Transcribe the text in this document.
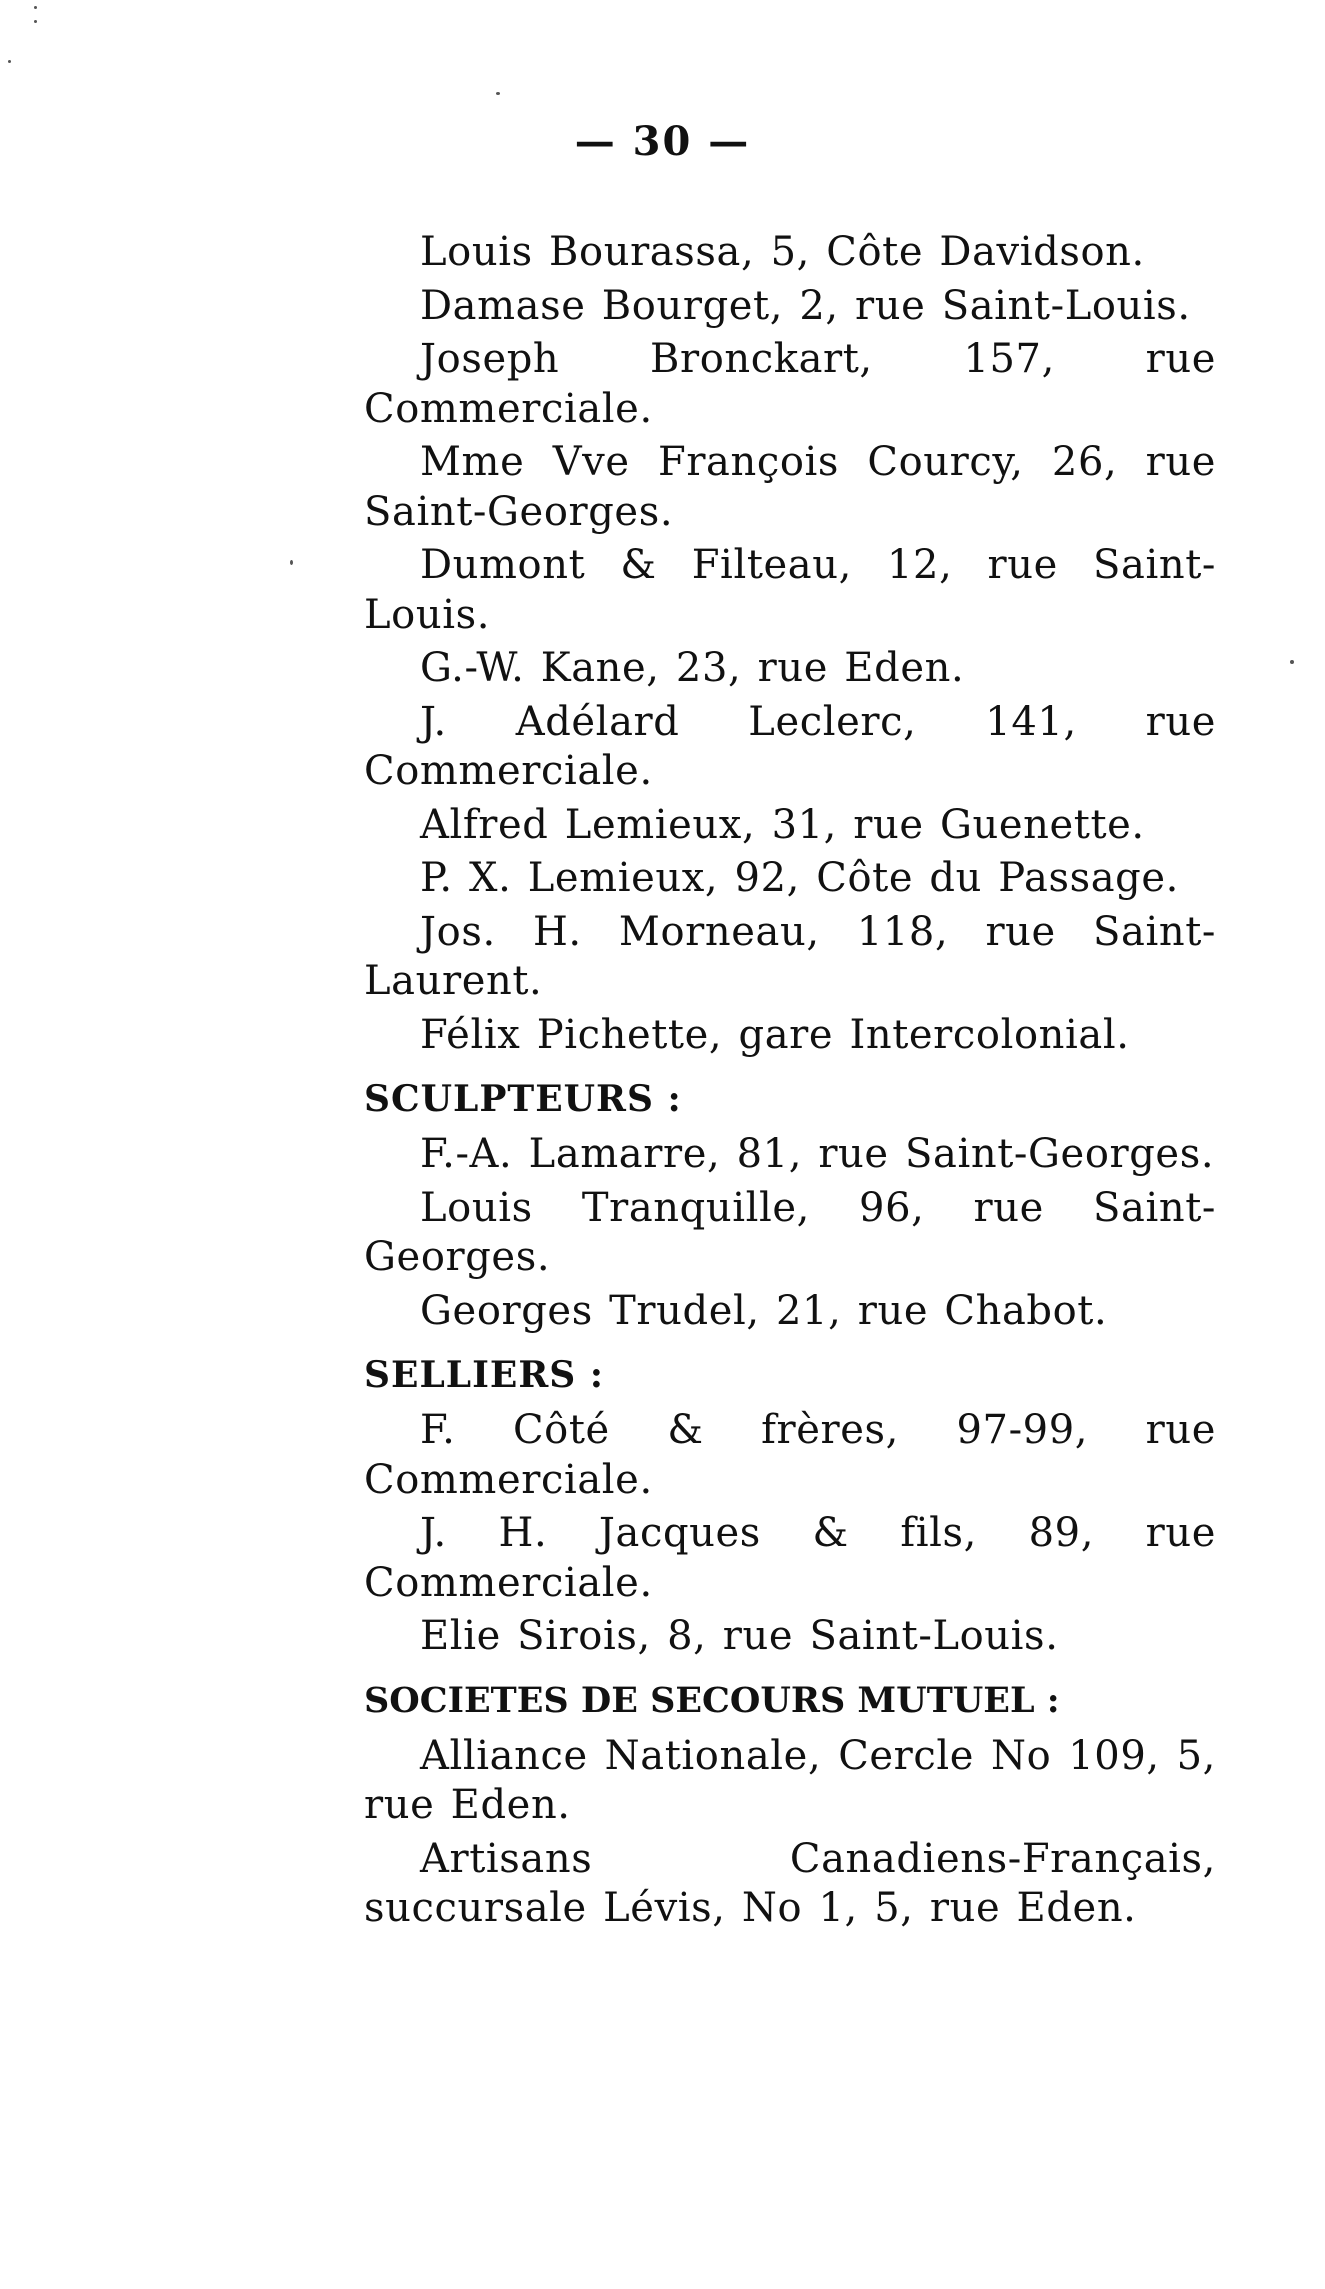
— 30 —

Louis Bourassa, 5, Côte Davidson.

Damase Bourget, 2, rue Saint-Louis.

Joseph Bronckart, 157, rue Commerciale.

Mme Vve François Courcy, 26, rue Saint-Georges.

Dumont & Filteau, 12, rue Saint-Louis.

G.-W. Kane, 23, rue Eden.

J. Adélard Leclerc, 141, rue Commerciale.

Alfred Lemieux, 31, rue Guenette.

P. X. Lemieux, 92, Côte du Passage.

Jos. H. Morneau, 118, rue Saint-Laurent.

Félix Pichette, gare Intercolonial.

SCULPTEURS :

F.-A. Lamarre, 81, rue Saint-Georges.

Louis Tranquille, 96, rue Saint-Georges.

Georges Trudel, 21, rue Chabot.

SELLIERS :

F. Côté & frères, 97-99, rue Commerciale.

J. H. Jacques & fils, 89, rue Commerciale.

Elie Sirois, 8, rue Saint-Louis.

SOCIETES DE SECOURS MUTUEL :

Alliance Nationale, Cercle No 109, 5, rue Eden.

Artisans Canadiens-Français, succursale Lévis, No 1, 5, rue Eden.
